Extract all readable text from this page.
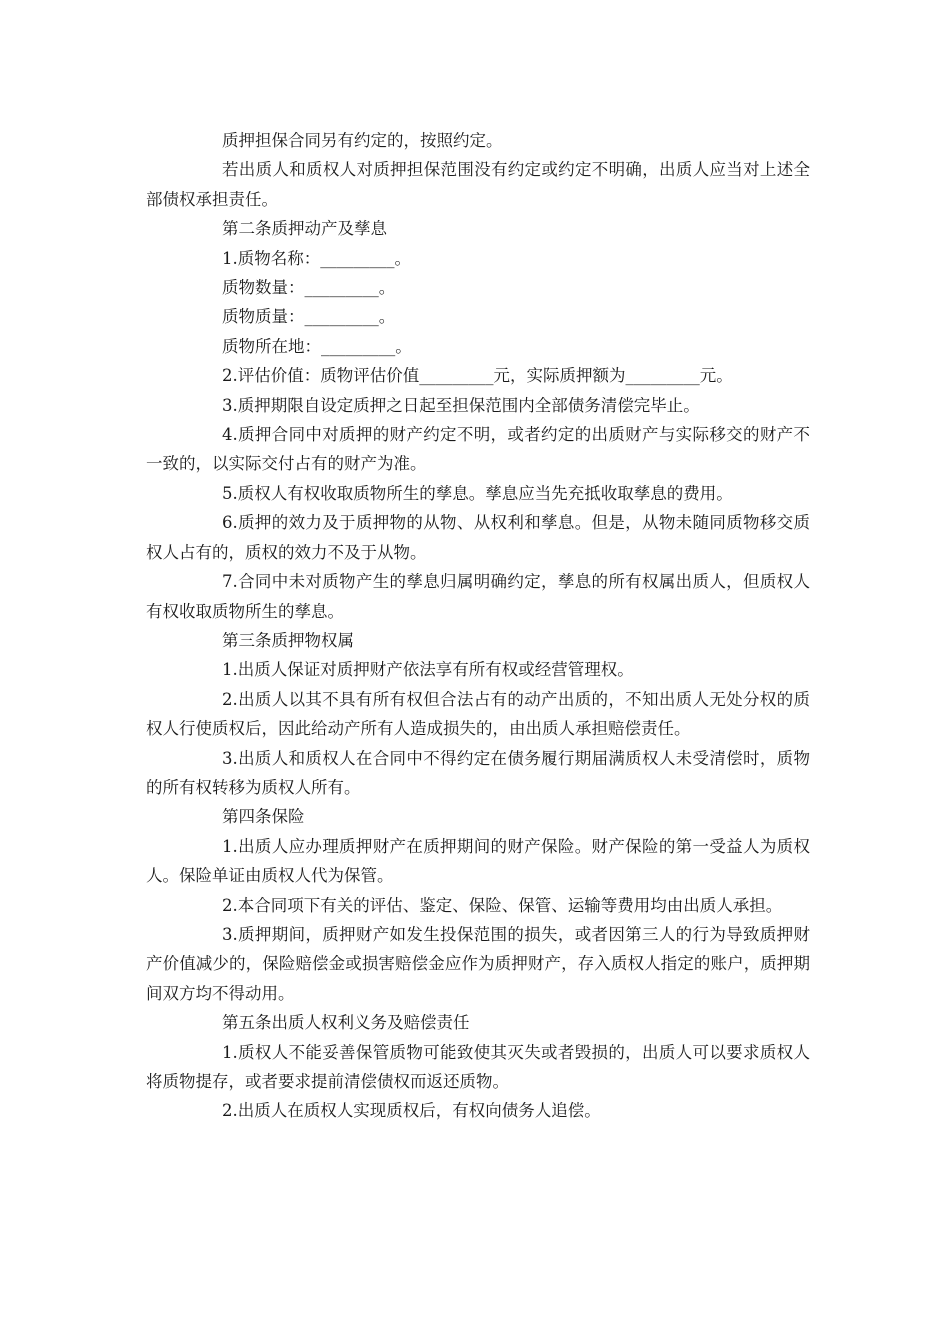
质押担保合同另有约定的，按照约定。

若出质人和质权人对质押担保范围没有约定或约定不明确，出质人应当对上述全部债权承担责任。

第二条质押动产及孳息

1.质物名称：_________。

质物数量：_________。

质物质量：_________。

质物所在地：_________。

2.评估价值：质物评估价值_________元，实际质押额为_________元。

3.质押期限自设定质押之日起至担保范围内全部债务清偿完毕止。

4.质押合同中对质押的财产约定不明，或者约定的出质财产与实际移交的财产不一致的，以实际交付占有的财产为准。

5.质权人有权收取质物所生的孳息。孳息应当先充抵收取孳息的费用。

6.质押的效力及于质押物的从物、从权利和孳息。但是，从物未随同质物移交质权人占有的，质权的效力不及于从物。

7.合同中未对质物产生的孳息归属明确约定，孳息的所有权属出质人，但质权人有权收取质物所生的孳息。

第三条质押物权属

1.出质人保证对质押财产依法享有所有权或经营管理权。

2.出质人以其不具有所有权但合法占有的动产出质的，不知出质人无处分权的质权人行使质权后，因此给动产所有人造成损失的，由出质人承担赔偿责任。

3.出质人和质权人在合同中不得约定在债务履行期届满质权人未受清偿时，质物的所有权转移为质权人所有。

第四条保险

1.出质人应办理质押财产在质押期间的财产保险。财产保险的第一受益人为质权人。保险单证由质权人代为保管。

2.本合同项下有关的评估、鉴定、保险、保管、运输等费用均由出质人承担。

3.质押期间，质押财产如发生投保范围的损失，或者因第三人的行为导致质押财产价值减少的，保险赔偿金或损害赔偿金应作为质押财产，存入质权人指定的账户，质押期间双方均不得动用。

第五条出质人权利义务及赔偿责任

1.质权人不能妥善保管质物可能致使其灭失或者毁损的，出质人可以要求质权人将质物提存，或者要求提前清偿债权而返还质物。

2.出质人在质权人实现质权后，有权向债务人追偿。
